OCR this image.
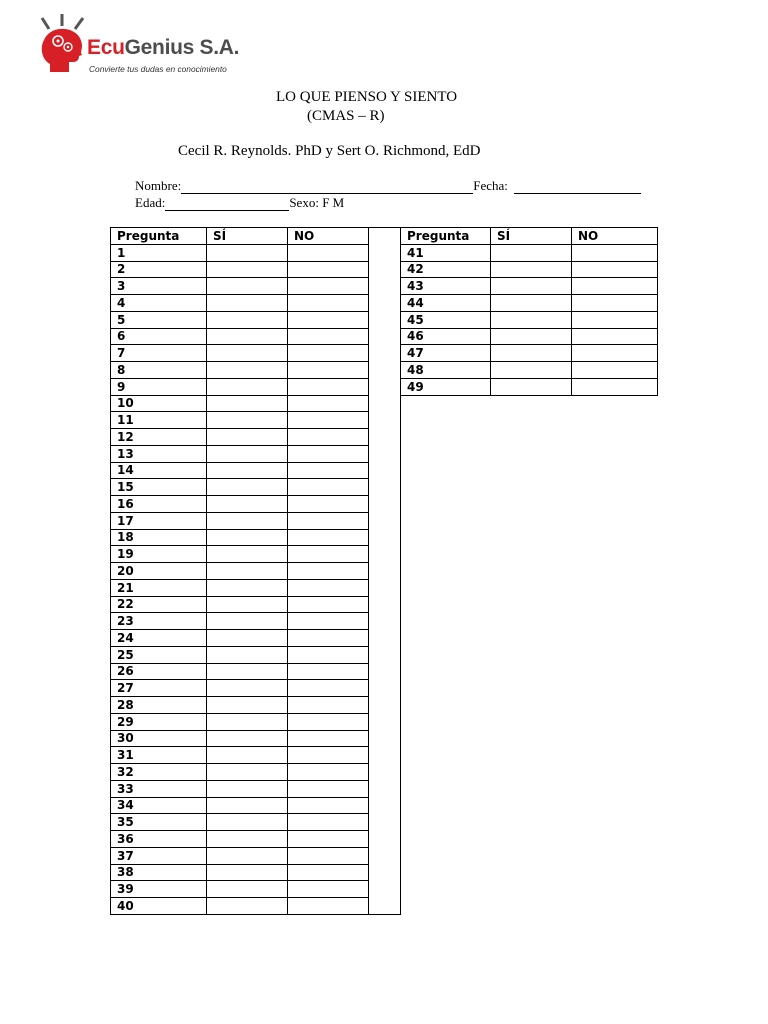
EcuGenius S.A.
Convierte tus dudas en conocimiento
LO QUE PIENSO Y SIENTO
(CMAS – R)
Cecil R. Reynolds. PhD y Sert O. Richmond, EdD
Nombre:	Fecha:
Edad:	Sexo: F M
Pregunta	SÍ	NO	
1			
2			
3			
4			
5			
6			
7			
8			
9			
10			
11			
12			
13			
14			
15			
16			
17			
18			
19			
20			
21			
22			
23			
24			
25			
26			
27			
28			
29			
30			
31			
32			
33			
34			
35			
36			
37			
38			
39			
40			
Pregunta	SÍ	NO
41		
42		
43		
44		
45		
46		
47		
48		
49		
